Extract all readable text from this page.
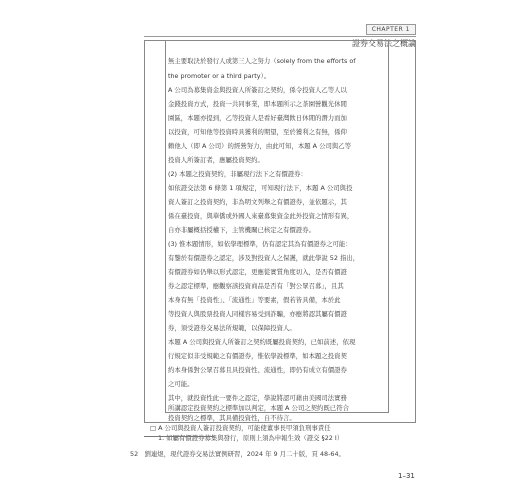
CHAPTER 1
證券交易法之概論
無主要取決於發行人或第三人之努力（solely from the efforts of
the promoter or a third party）。
A 公司為募集資金與投資人所簽訂之契約，係令投資人乙等人以
金錢投資方式，投資一共同事業，即本題所示之茶園營觀光休閒
園區，本題亦提到，乙等投資人是看好臺灣飲日休閒的潛力而加
以投資，可知他等投資時具獲利的期望，至於獲利之有無，係仰
賴他人（即 A 公司）的經營努力，由此可知，本題 A 公司與乙等
投資人所簽訂者，應屬投資契約。
(2) 本題之投資契約，非屬現行法下之有價證券：
如依證交法第 6 條第 1 項規定，可知現行法下，本題 A 公司與投
資人簽訂之投資契約，非為明文列舉之有價證券，並依題示，其
係在臺投資，與華僑或外國人來臺募集資金此外投資之情形有異，
自亦非屬概括授權下，主管機關已核定之有價證券。
(3) 惟本題情形，如依學理標準，仍有認定其為有價證券之可能：
有鑒於有價證券之認定，涉及對投資人之保護，就此學說 52 指出，
有價證券如仍舉以形式認定，更應從實質角度切入，是否有價證
券之認定標準，應觀察該投資商品是否有「對公眾召募」，且其
本身有無「投資性」、「流通性」等要素，假若皆具備，本於此
等投資人與股票投資人同樣容易受到詐騙，亦應將認其屬有價證
券，須受證券交易法所規範，以保障投資人。
本題 A 公司與投資人所簽訂之契約既屬投資契約，已如前述，依現
行規定似非受規範之有價證券，惟依學說標準，如本題之投資契
約本身係對公眾召募且具投資性、流通性，即仍有成立有價證券
之可能。
其中，就投資性此一要件之認定，學說將認可藉由美國司法實務
所講認定投資契約之標準加以判定，本題 A 公司之契約既已符合
投資契約之標準，其具備投資性，自不待言。
□ A 公司與投資人簽訂投資契約，可能使董事長甲須負刑事責任
1. 如屬有價證券募集與發行，原則上須為申報生效（證交 §22 Ⅰ）
52　劉連煜，現代證券交易法實例研習，2024 年 9 月二十版，頁 48-64。
1–31
